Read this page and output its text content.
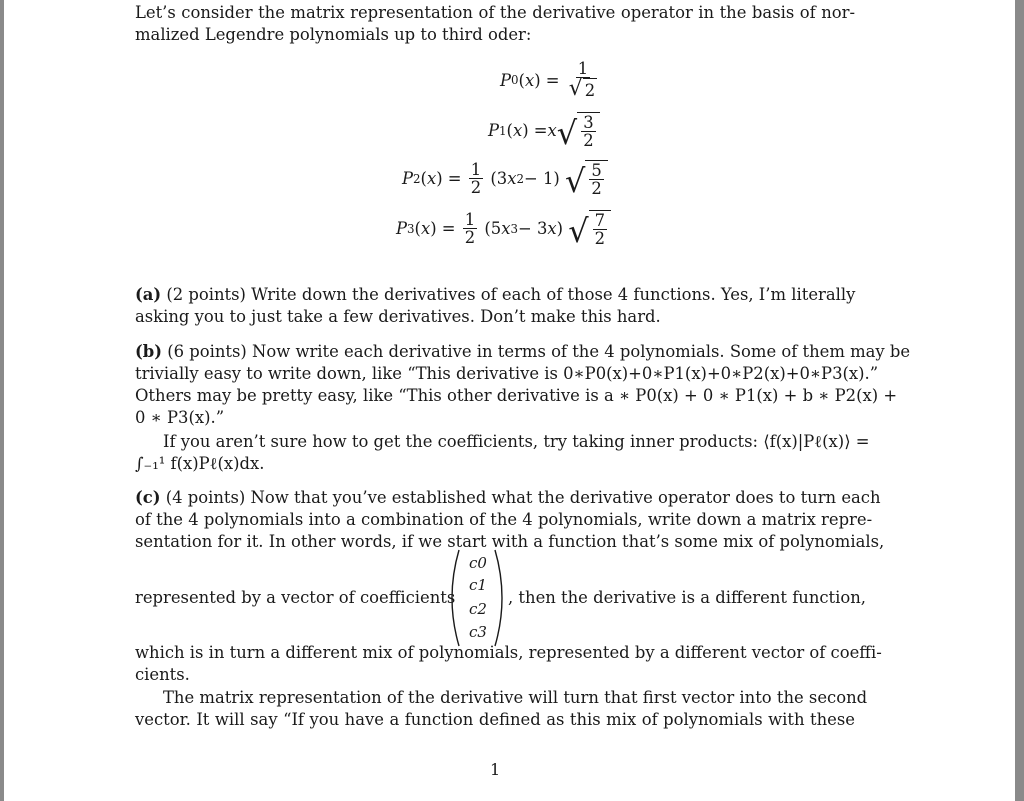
Let’s consider the matrix representation of the derivative operator in the basis of nor-
malized Legendre polynomials up to third oder:
P 0 ( x ) = $\frac{1}{√ 2}$
P 1 ( x ) = x √ $\frac{3}{2}$
P 2 ( x ) = $\frac{1}{2} (3$ x 2 − 1) √ $\frac{5}{2}$
P 3 ( x ) = $\frac{1}{2} (5$ x 3 − 3 x ) √ $\frac{7}{2}$
(a) (2 points) Write down the derivatives of each of those 4 functions. Yes, I’m literally
asking you to just take a few derivatives. Don’t make this hard.
(b) (6 points) Now write each derivative in terms of the 4 polynomials. Some of them may be
trivially easy to write down, like “This derivative is 0∗P0(x)+0∗P1(x)+0∗P2(x)+0∗P3(x).”
Others may be pretty easy, like “This other derivative is a ∗ P0(x) + 0 ∗ P1(x) + b ∗ P2(x) +
0 ∗ P3(x).”
If you aren’t sure how to get the coefficients, try taking inner products: ⟨f(x)|Pℓ(x)⟩ =
∫₋₁¹ f(x)Pℓ(x)dx.
(c) (4 points) Now that you’ve established what the derivative operator does to turn each
of the 4 polynomials into a combination of the 4 polynomials, write down a matrix repre-
sentation for it. In other words, if we start with a function that’s some mix of polynomials,
represented by a vector of coefficients
c0
c1
c2
c3
, then the derivative is a different function,
which is in turn a different mix of polynomials, represented by a different vector of coeffi-
cients.
The matrix representation of the derivative will turn that first vector into the second
vector. It will say “If you have a function defined as this mix of polynomials with these
1
